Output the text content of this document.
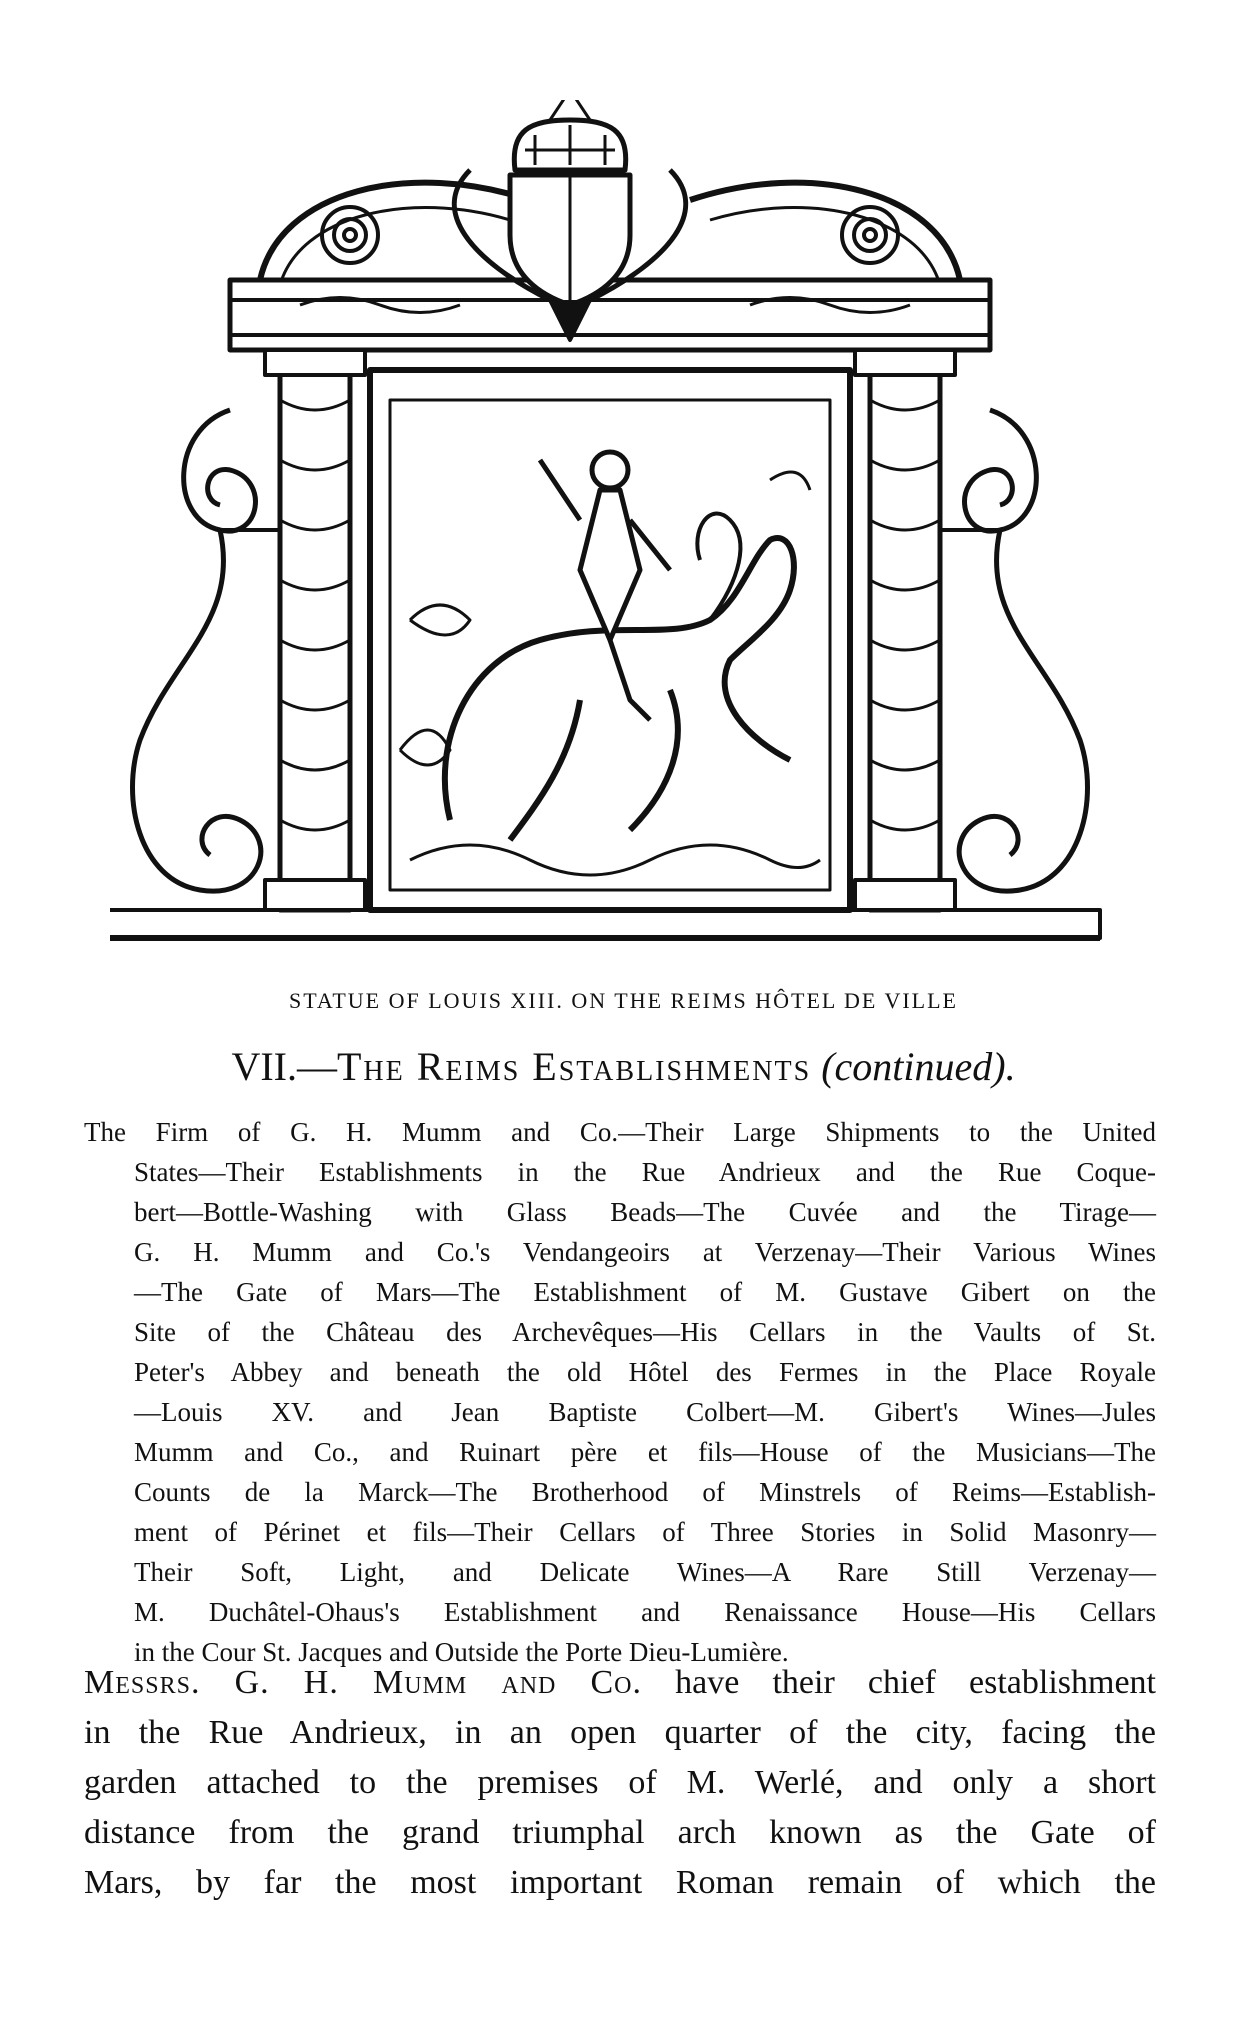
STATUE OF LOUIS XIII. ON THE REIMS HÔTEL DE VILLE
VII.—The Reims Establishments (continued).
The Firm of G. H. Mumm and Co.—Their Large Shipments to the United
States—Their Establishments in the Rue Andrieux and the Rue Coque-
bert—Bottle-Washing with Glass Beads—The Cuvée and the Tirage—
G. H. Mumm and Co.'s Vendangeoirs at Verzenay—Their Various Wines
—The Gate of Mars—The Establishment of M. Gustave Gibert on the
Site of the Château des Archevêques—His Cellars in the Vaults of St.
Peter's Abbey and beneath the old Hôtel des Fermes in the Place Royale
—Louis XV. and Jean Baptiste Colbert—M. Gibert's Wines—Jules
Mumm and Co., and Ruinart père et fils—House of the Musicians—The
Counts de la Marck—The Brotherhood of Minstrels of Reims—Establish-
ment of Périnet et fils—Their Cellars of Three Stories in Solid Masonry—
Their Soft, Light, and Delicate Wines—A Rare Still Verzenay—
M. Duchâtel-Ohaus's Establishment and Renaissance House—His Cellars
in the Cour St. Jacques and Outside the Porte Dieu-Lumière.
Messrs. G. H. Mumm and Co. have their chief establishment
in the Rue Andrieux, in an open quarter of the city, facing the
garden attached to the premises of M. Werlé, and only a short
distance from the grand triumphal arch known as the Gate of
Mars, by far the most important Roman remain of which the
